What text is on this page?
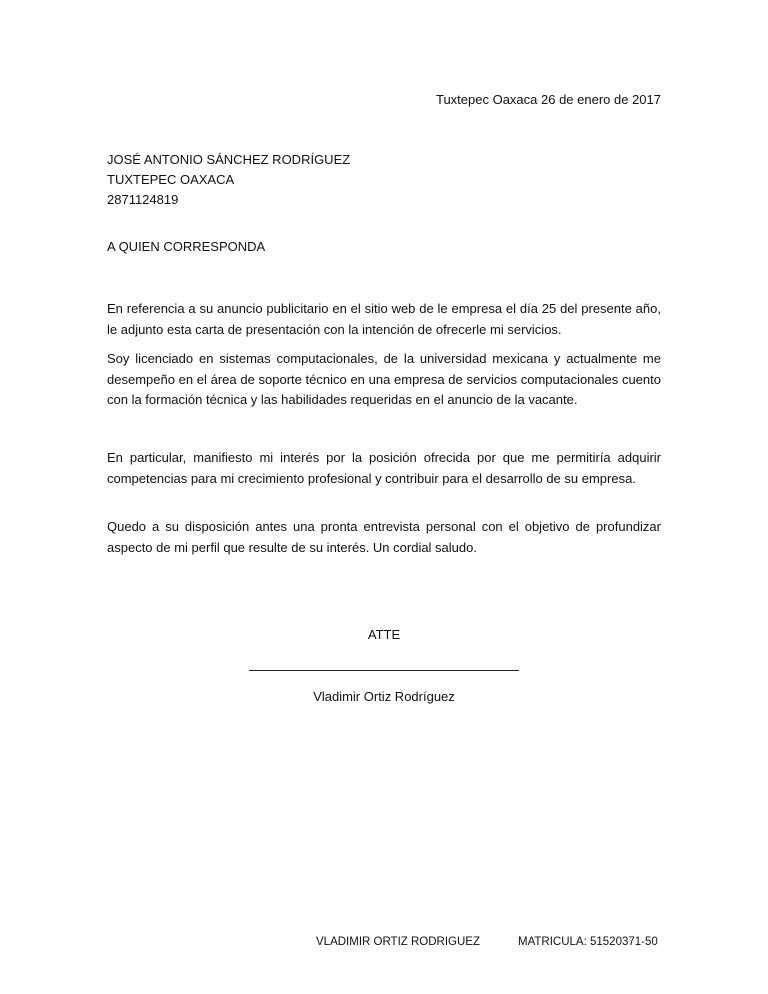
Tuxtepec Oaxaca 26 de enero de 2017
JOSÉ ANTONIO SÁNCHEZ RODRÍGUEZ
TUXTEPEC OAXACA
2871124819
A QUIEN CORRESPONDA
En referencia a su anuncio publicitario en el sitio web de le empresa el día 25 del presente año, le adjunto esta carta de presentación con la intención de ofrecerle mi servicios.
Soy licenciado en sistemas computacionales, de la universidad mexicana y actualmente me desempeño en el área de soporte técnico en una empresa de servicios computacionales cuento con la formación técnica y las habilidades requeridas en el anuncio de la vacante.
En particular, manifiesto mi interés por la posición ofrecida por que me permitiría adquirir competencias para mi crecimiento profesional y contribuir para el desarrollo de su empresa.
Quedo a su disposición antes una pronta entrevista personal con el objetivo de profundizar aspecto de mi perfil que resulte de su interés. Un cordial saludo.
ATTE
Vladimir Ortiz Rodríguez
VLADIMIR ORTIZ RODRIGUEZ	MATRICULA: 51520371-50
